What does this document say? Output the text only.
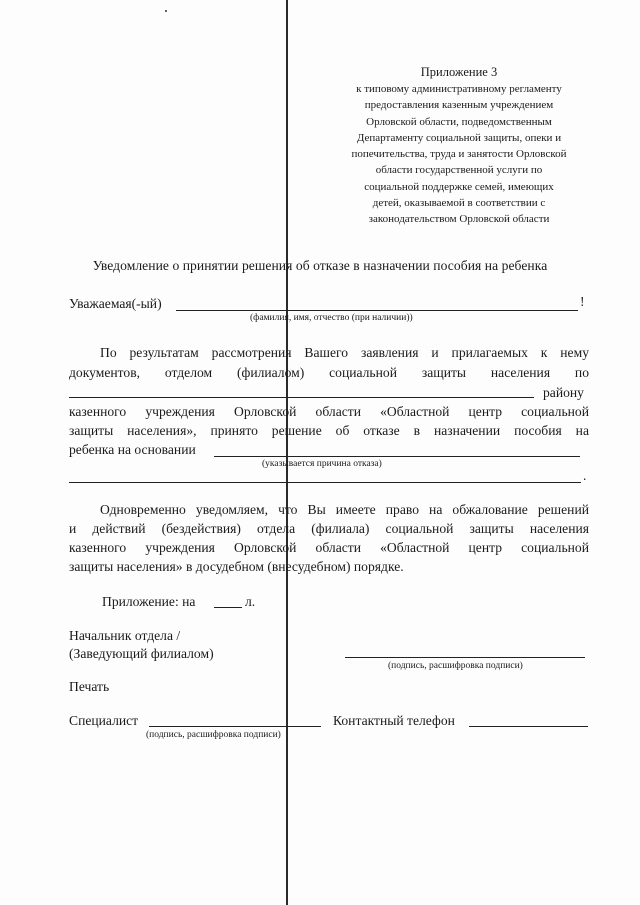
Приложение 3
к типовому административному регламенту
предоставления казенным учреждением
Орловской области, подведомственным
Департаменту социальной защиты, опеки и
попечительства, труда и занятости Орловской
области государственной услуги по
социальной поддержке семей, имеющих
детей, оказываемой в соответствии с
законодательством Орловской области
Уведомление о принятии решения об отказе в назначении пособия на ребенка
Уважаемая(-ый)	!
(фамилия, имя, отчество (при наличии))
По результатам рассмотрения Вашего заявления и прилагаемых к нему
документов, отделом (филиалом) социальной защиты населения по
району
казенного учреждения Орловской области «Областной центр социальной
защиты населения», принято решение об отказе в назначении пособия на
ребенка на основании
(указывается причина отказа)
.
Одновременно уведомляем, что Вы имеете право на обжалование решений
и действий (бездействия) отдела (филиала) социальной защиты населения
казенного учреждения Орловской области «Областной центр социальной
защиты населения» в досудебном (внесудебном) порядке.
Приложение: на	л.
Начальник отдела /
(Заведующий филиалом)
(подпись, расшифровка подписи)
Печать
Специалист
(подпись, расшифровка подписи)
Контактный телефон
